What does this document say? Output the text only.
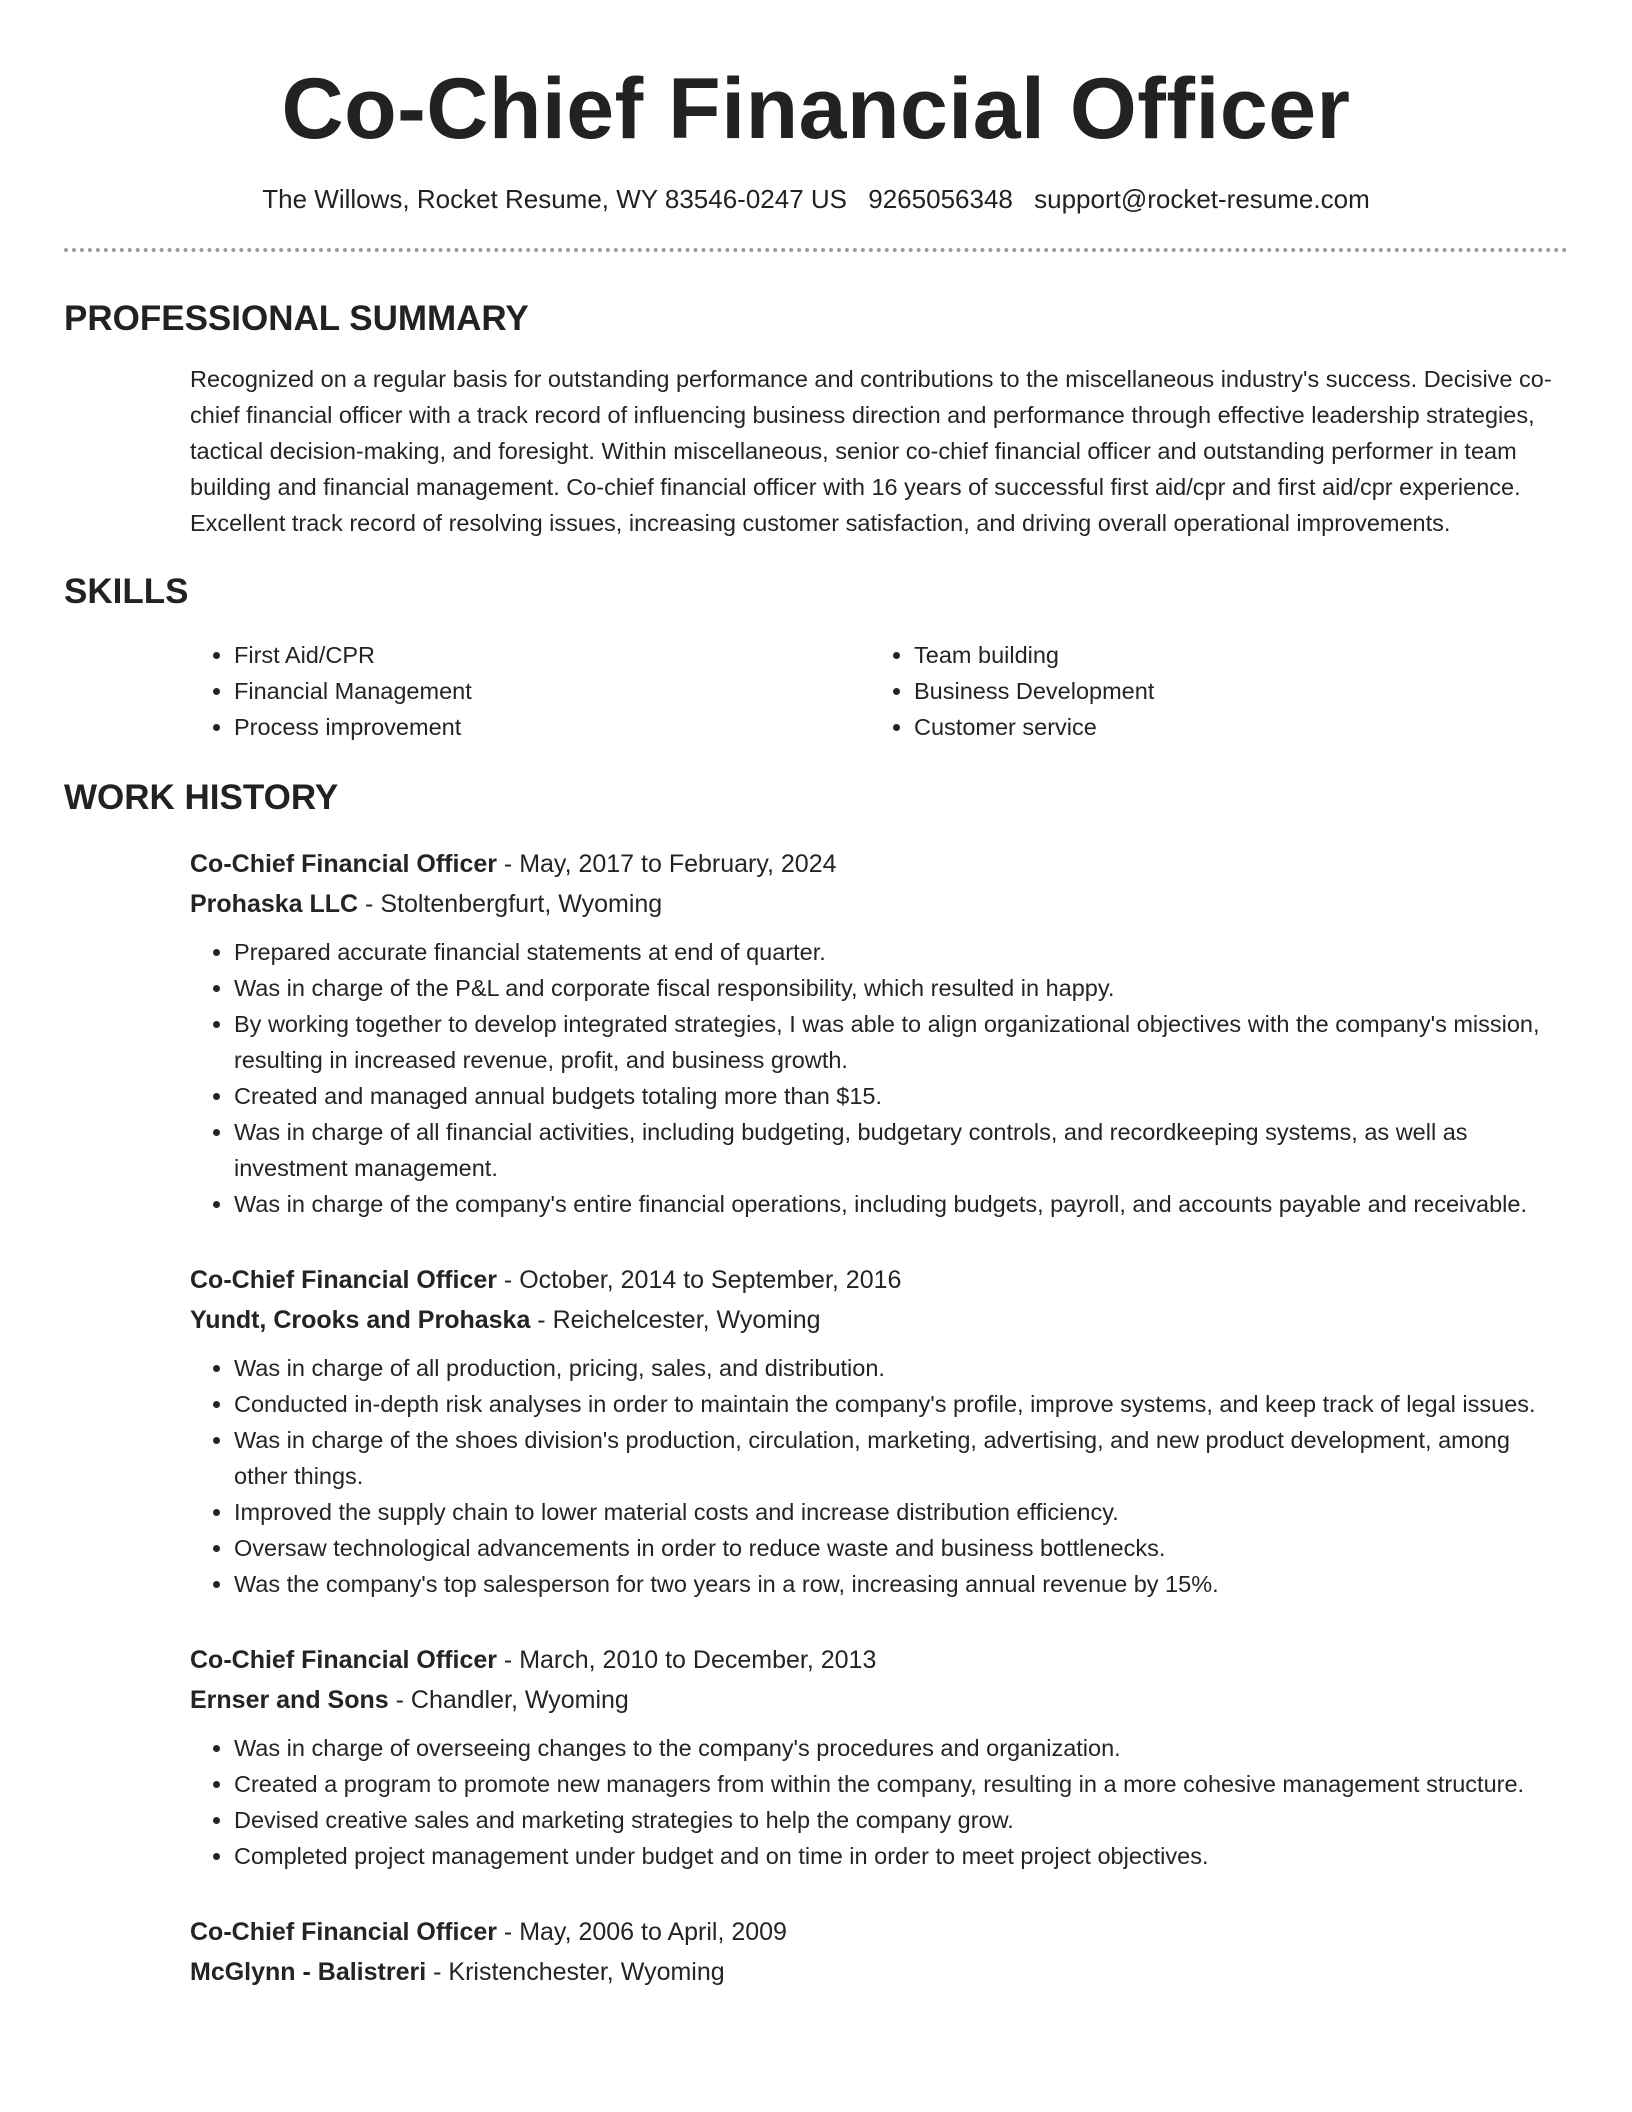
Co-Chief Financial Officer
The Willows, Rocket Resume, WY 83546-0247 US 9265056348 support@rocket-resume.com
PROFESSIONAL SUMMARY

Recognized on a regular basis for outstanding performance and contributions to the miscellaneous industry's success. Decisive co-chief financial officer with a track record of influencing business direction and performance through effective leadership strategies, tactical decision-making, and foresight. Within miscellaneous, senior co-chief financial officer and outstanding performer in team building and financial management. Co-chief financial officer with 16 years of successful first aid/cpr and first aid/cpr experience. Excellent track record of resolving issues, increasing customer satisfaction, and driving overall operational improvements.

SKILLS
• First Aid/CPR
• Financial Management
• Process improvement
• Team building
• Business Development
• Customer service
WORK HISTORY
Co-Chief Financial Officer - May, 2017 to February, 2024
Prohaska LLC - Stoltenbergfurt, Wyoming
• Prepared accurate financial statements at end of quarter.
• Was in charge of the P&L and corporate fiscal responsibility, which resulted in happy.
• By working together to develop integrated strategies, I was able to align organizational objectives with the company's mission, resulting in increased revenue, profit, and business growth.
• Created and managed annual budgets totaling more than $15.
• Was in charge of all financial activities, including budgeting, budgetary controls, and recordkeeping systems, as well as investment management.
• Was in charge of the company's entire financial operations, including budgets, payroll, and accounts payable and receivable.
Co-Chief Financial Officer - October, 2014 to September, 2016
Yundt, Crooks and Prohaska - Reichelcester, Wyoming
• Was in charge of all production, pricing, sales, and distribution.
• Conducted in-depth risk analyses in order to maintain the company's profile, improve systems, and keep track of legal issues.
• Was in charge of the shoes division's production, circulation, marketing, advertising, and new product development, among other things.
• Improved the supply chain to lower material costs and increase distribution efficiency.
• Oversaw technological advancements in order to reduce waste and business bottlenecks.
• Was the company's top salesperson for two years in a row, increasing annual revenue by 15%.
Co-Chief Financial Officer - March, 2010 to December, 2013
Ernser and Sons - Chandler, Wyoming
• Was in charge of overseeing changes to the company's procedures and organization.
• Created a program to promote new managers from within the company, resulting in a more cohesive management structure.
• Devised creative sales and marketing strategies to help the company grow.
• Completed project management under budget and on time in order to meet project objectives.
Co-Chief Financial Officer - May, 2006 to April, 2009
McGlynn - Balistreri - Kristenchester, Wyoming
